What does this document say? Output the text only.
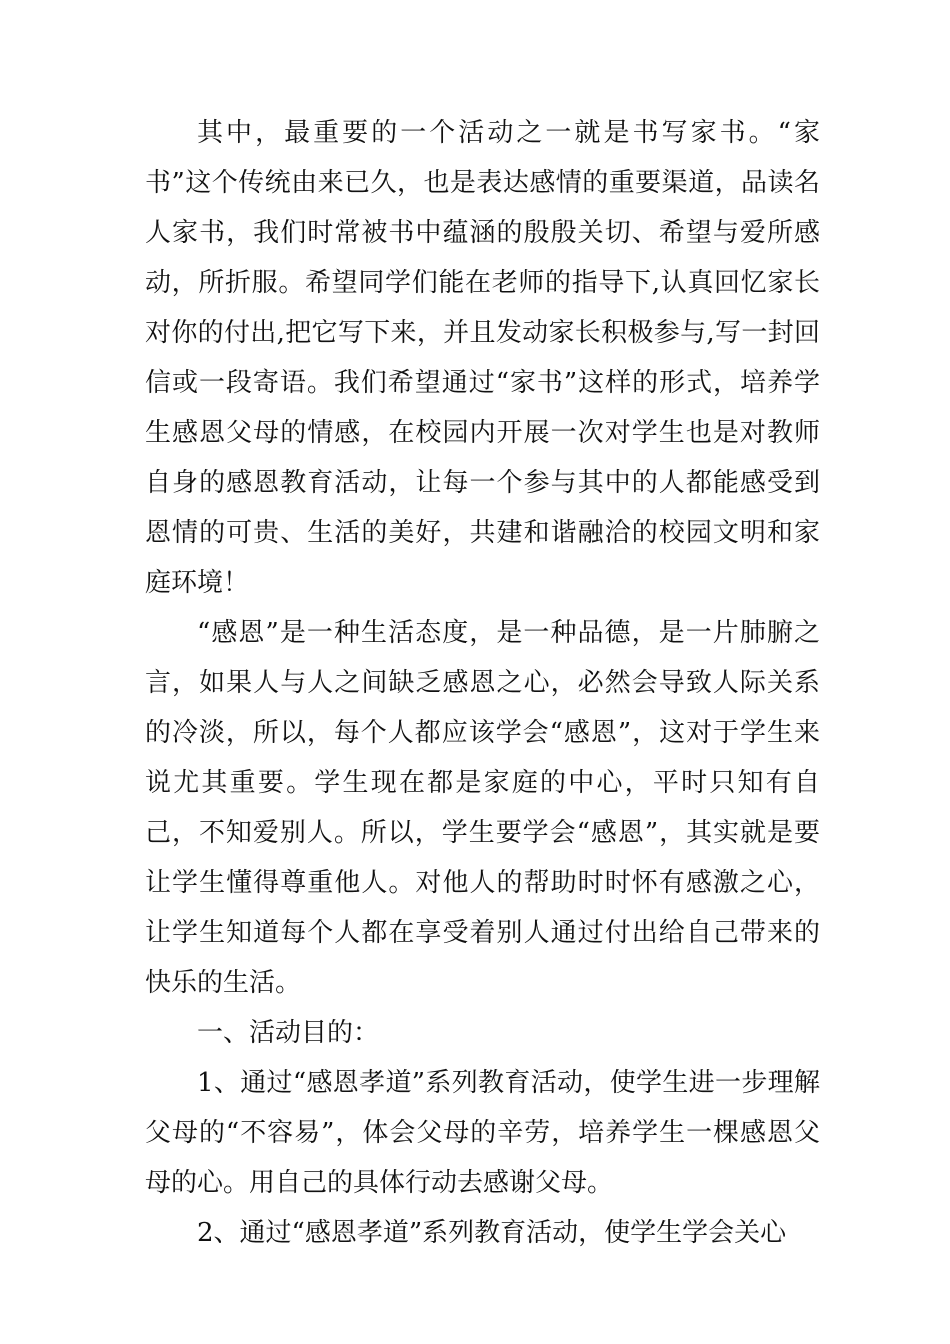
其中，最重要的一个活动之一就是书写家书。“家书”这个传统由来已久，也是表达感情的重要渠道，品读名人家书，我们时常被书中蕴涵的殷殷关切、希望与爱所感动，所折服。希望同学们能在老师的指导下,认真回忆家长对你的付出,把它写下来，并且发动家长积极参与,写一封回信或一段寄语。我们希望通过“家书”这样的形式，培养学生感恩父母的情感，在校园内开展一次对学生也是对教师自身的感恩教育活动，让每一个参与其中的人都能感受到恩情的可贵、生活的美好，共建和谐融洽的校园文明和家庭环境！

“感恩”是一种生活态度，是一种品德，是一片肺腑之言，如果人与人之间缺乏感恩之心，必然会导致人际关系的冷淡，所以，每个人都应该学会“感恩”，这对于学生来说尤其重要。学生现在都是家庭的中心，平时只知有自己，不知爱别人。所以，学生要学会“感恩”，其实就是要让学生懂得尊重他人。对他人的帮助时时怀有感激之心，让学生知道每个人都在享受着别人通过付出给自己带来的快乐的生活。

一、活动目的：

1、通过“感恩孝道”系列教育活动，使学生进一步理解父母的“不容易”，体会父母的辛劳，培养学生一棵感恩父母的心。用自己的具体行动去感谢父母。

2、通过“感恩孝道”系列教育活动，使学生学会关心
